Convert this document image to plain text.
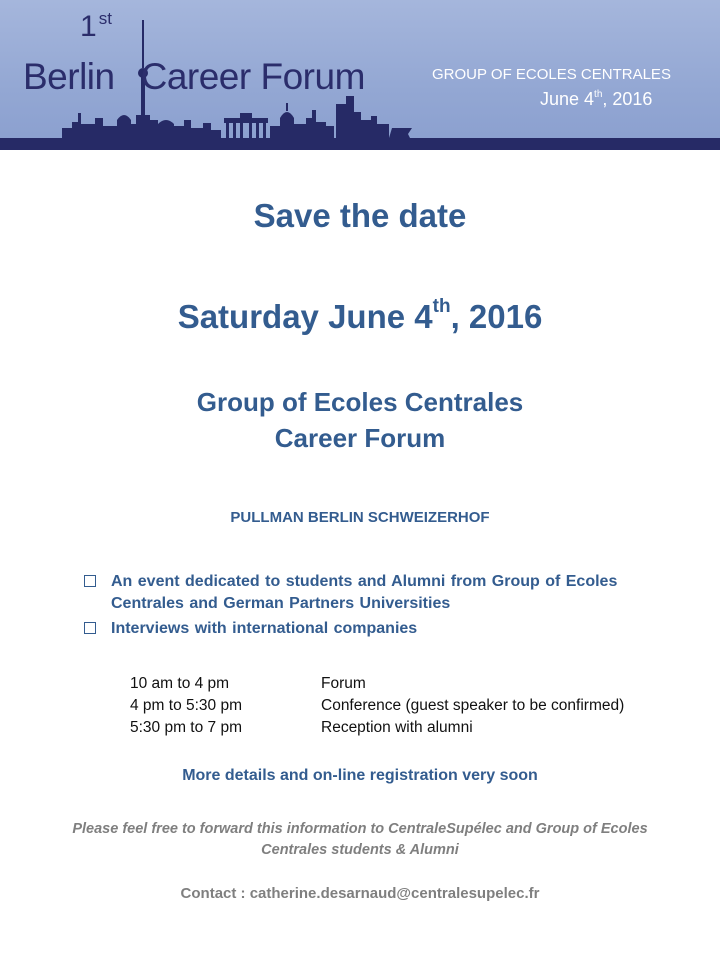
1 $^{st}$
Berlin Career Forum	GROUP OF ECOLES CENTRALES
June 4th, 2016
Save the date
Saturday June 4th, 2016
Group of Ecoles Centrales
Career Forum
PULLMAN BERLIN SCHWEIZERHOF
An event dedicated to students and Alumni from Group of Ecoles
Centrales and German Partners Universities
Interviews with international companies
10 am to 4 pm	Forum
4 pm to 5:30 pm	Conference (guest speaker to be confirmed)
5:30 pm to 7 pm	Reception with alumni
More details and on-line registration very soon
Please feel free to forward this information to CentraleSupélec and Group of Ecoles
Centrales students & Alumni
Contact : catherine.desarnaud@centralesupelec.fr
